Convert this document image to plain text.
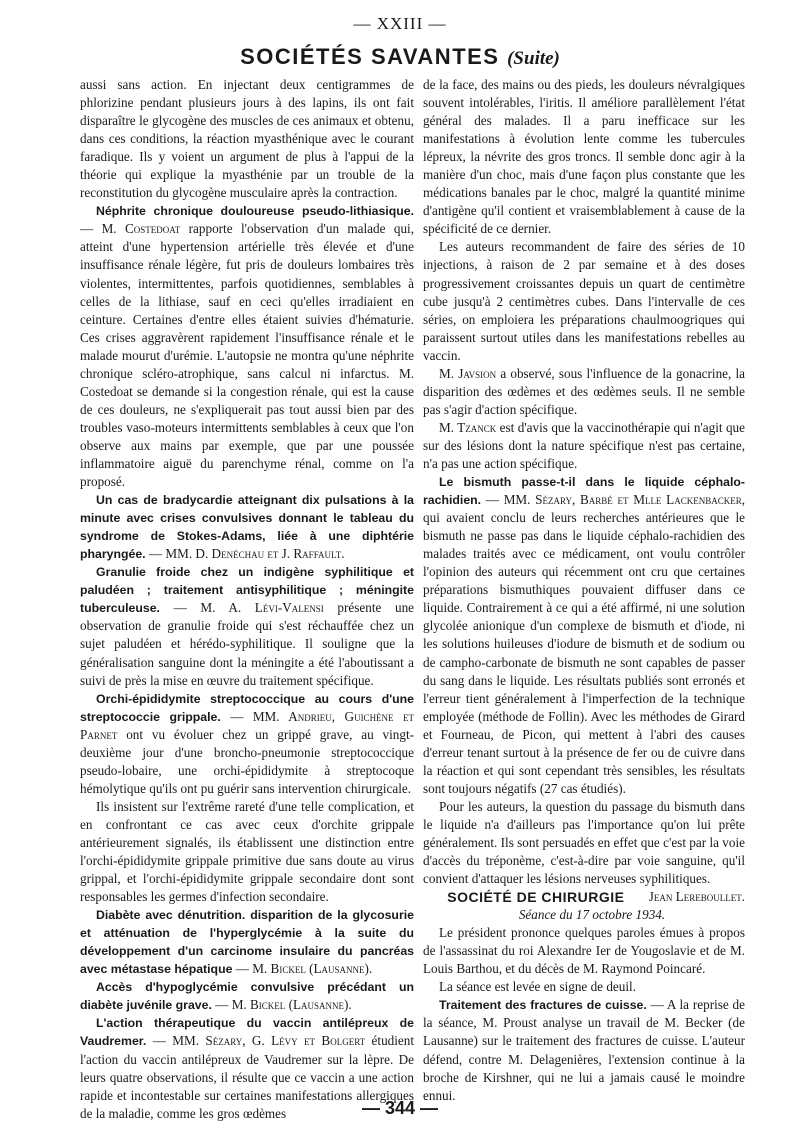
— XXIII —
SOCIÉTÉS SAVANTES (Suite)

aussi sans action. En injectant deux centigrammes de phlorizine pendant plusieurs jours à des lapins, ils ont fait disparaître le glycogène des muscles de ces animaux et obtenu, dans ces conditions, la réaction myasthénique avec le courant faradique. Ils y voient un argument de plus à l'appui de la théorie qui explique la myasthénie par un trouble de la reconstitution du glycogène musculaire après la contraction.

Néphrite chronique douloureuse pseudo-lithiasique. — M. Costedoat rapporte l'observation d'un malade qui, atteint d'une hypertension artérielle très élevée et d'une insuffisance rénale légère, fut pris de douleurs lombaires très violentes, intermittentes, parfois quotidiennes, semblables à celles de la lithiase, sauf en ceci qu'elles irradiaient en ceinture. Certaines d'entre elles étaient suivies d'hématurie. Ces crises aggravèrent rapidement l'insuffisance rénale et le malade mourut d'urémie. L'autopsie ne montra qu'une néphrite chronique scléro-atrophique, sans calcul ni infarctus. M. Costedoat se demande si la congestion rénale, qui est la cause de ces douleurs, ne s'expliquerait pas tout aussi bien par des troubles vaso-moteurs intermittents semblables à ceux que l'on observe aux mains par exemple, que par une poussée inflammatoire aiguë du parenchyme rénal, comme on l'a proposé.

Un cas de bradycardie atteignant dix pulsations à la minute avec crises convulsives donnant le tableau du syndrome de Stokes-Adams, liée à une diphtérie pharyngée. — MM. D. Denéchau et J. Raffault.

Granulie froide chez un indigène syphilitique et paludéen ; traitement antisyphilitique ; méningite tuberculeuse. — M. A. Lévi-Valensi présente une observation de granulie froide qui s'est réchauffée chez un sujet paludéen et hérédo-syphilitique. Il souligne que la généralisation sanguine dont la méningite a été l'aboutissant a suivi de près la mise en œuvre du traitement spécifique.

Orchi-épididymite streptococcique au cours d'une streptococcie grippale. — MM. Andrieu, Guichène et Parnet ont vu évoluer chez un grippé grave, au vingt-deuxième jour d'une broncho-pneumonie streptococcique pseudo-lobaire, une orchi-épididymite à streptocoque hémolytique qu'ils ont pu guérir sans intervention chirurgicale.

Ils insistent sur l'extrême rareté d'une telle complication, et en confrontant ce cas avec ceux d'orchite grippale antérieurement signalés, ils établissent une distinction entre l'orchi-épididymite grippale primitive due sans doute au virus grippal, et l'orchi-épididymite grippale secondaire dont sont responsables les germes d'infection secondaire.

Diabète avec dénutrition. disparition de la glycosurie et atténuation de l'hyperglycémie à la suite du développement d'un carcinome insulaire du pancréas avec métastase hépatique — M. Bickel (Lausanne).

Accès d'hypoglycémie convulsive précédant un diabète juvénile grave. — M. Bickel (Lausanne).

L'action thérapeutique du vaccin antilépreux de Vaudremer. — MM. Sézary, G. Lévy et Bolgert étudient l'action du vaccin antilépreux de Vaudremer sur la lèpre. De leurs quatre observations, il résulte que ce vaccin a une action rapide et incontestable sur certaines manifestations allergiques de la maladie, comme les gros œdèmes

de la face, des mains ou des pieds, les douleurs névralgiques souvent intolérables, l'iritis. Il améliore parallèlement l'état général des malades. Il a paru inefficace sur les manifestations à évolution lente comme les tubercules lépreux, la névrite des gros troncs. Il semble donc agir à la manière d'un choc, mais d'une façon plus constante que les médications banales par le choc, malgré la quantité minime d'antigène qu'il contient et vraisemblablement à cause de la spécificité de ce dernier.

Les auteurs recommandent de faire des séries de 10 injections, à raison de 2 par semaine et à des doses progressivement croissantes depuis un quart de centimètre cube jusqu'à 2 centimètres cubes. Dans l'intervalle de ces séries, on emploiera les préparations chaulmoogriques qui paraissent surtout utiles dans les manifestations rebelles au vaccin.

M. Javsion a observé, sous l'influence de la gonacrine, la disparition des œdèmes et des œdèmes seuls. Il ne semble pas s'agir d'action spécifique.

M. Tzanck est d'avis que la vaccinothérapie qui n'agit que sur des lésions dont la nature spécifique n'est pas certaine, n'a pas une action spécifique.

Le bismuth passe-t-il dans le liquide céphalo-rachidien. — MM. Sézary, Barbé et Mlle Lackenbacker, qui avaient conclu de leurs recherches antérieures que le bismuth ne passe pas dans le liquide céphalo-rachidien des malades traités avec ce médicament, ont voulu contrôler l'opinion des auteurs qui récemment ont cru que certaines préparations bismuthiques pouvaient diffuser dans ce liquide. Contrairement à ce qui a été affirmé, ni une solution glycolée anionique d'un complexe de bismuth et d'iode, ni les solutions huileuses d'iodure de bismuth et de sodium ou de campho-carbonate de bismuth ne sont capables de passer du sang dans le liquide. Les résultats publiés sont erronés et l'erreur tient généralement à l'imperfection de la technique employée (méthode de Follin). Avec les méthodes de Girard et Fourneau, de Picon, qui mettent à l'abri des causes d'erreur tenant surtout à la présence de fer ou de cuivre dans la réaction et qui sont cependant très sensibles, les résultats sont toujours négatifs (27 cas étudiés).

Pour les auteurs, la question du passage du bismuth dans le liquide n'a d'ailleurs pas l'importance qu'on lui prête généralement. Ils sont persuadés en effet que c'est par la voie d'accès du tréponème, c'est-à-dire par voie sanguine, qu'il convient d'attaquer les lésions nerveuses syphilitiques.
Jean Lereboullet.

SOCIÉTÉ DE CHIRURGIE

Séance du 17 octobre 1934.

Le président prononce quelques paroles émues à propos de l'assassinat du roi Alexandre Ier de Yougoslavie et de M. Louis Barthou, et du décès de M. Raymond Poincaré.

La séance est levée en signe de deuil.

Traitement des fractures de cuisse. — A la reprise de la séance, M. Proust analyse un travail de M. Becker (de Lausanne) sur le traitement des fractures de cuisse. L'auteur défend, contre M. Delagenières, l'extension continue à la broche de Kirshner, qui ne lui a jamais causé le moindre ennui.

— 344 —
